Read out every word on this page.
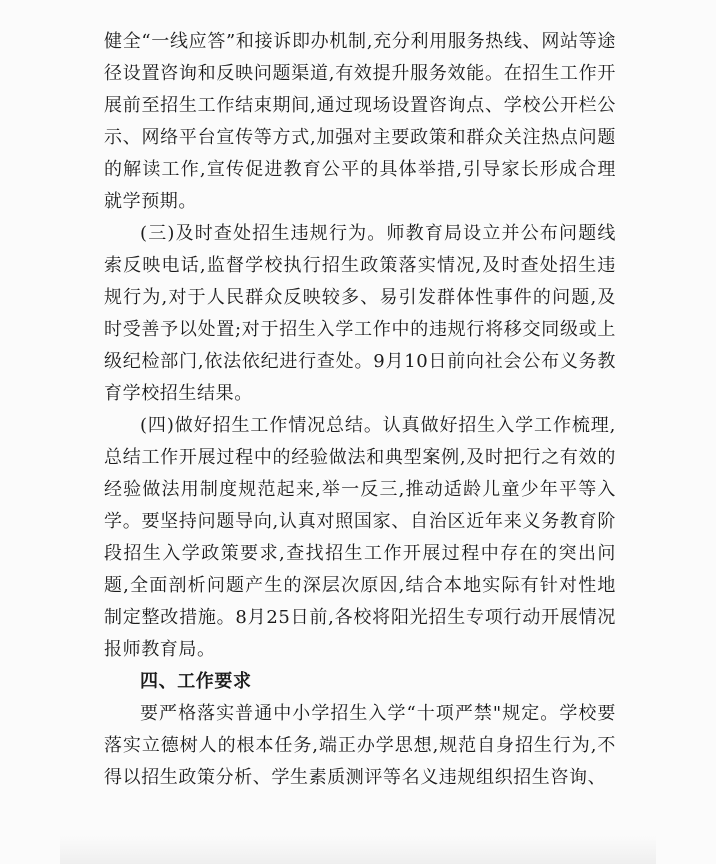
健全“一线应答”和接诉即办机制,充分利用服务热线、网站等途径设置咨询和反映问题渠道,有效提升服务效能。在招生工作开展前至招生工作结束期间,通过现场设置咨询点、学校公开栏公示、网络平台宣传等方式,加强对主要政策和群众关注热点问题的解读工作,宣传促进教育公平的具体举措,引导家长形成合理就学预期。

(三)及时查处招生违规行为。师教育局设立并公布问题线索反映电话,监督学校执行招生政策落实情况,及时查处招生违规行为,对于人民群众反映较多、易引发群体性事件的问题,及时受善予以处置;对于招生入学工作中的违规行将移交同级或上级纪检部门,依法依纪进行查处。9月10日前向社会公布义务教育学校招生结果。

(四)做好招生工作情况总结。认真做好招生入学工作梳理,总结工作开展过程中的经验做法和典型案例,及时把行之有效的经验做法用制度规范起来,举一反三,推动适龄儿童少年平等入学。要坚持问题导向,认真对照国家、自治区近年来义务教育阶段招生入学政策要求,查找招生工作开展过程中存在的突出问题,全面剖析问题产生的深层次原因,结合本地实际有针对性地制定整改措施。8月25日前,各校将阳光招生专项行动开展情况报师教育局。

四、工作要求

要严格落实普通中小学招生入学“十项严禁"规定。学校要落实立德树人的根本任务,端正办学思想,规范自身招生行为,不得以招生政策分析、学生素质测评等名义违规组织招生咨询、
